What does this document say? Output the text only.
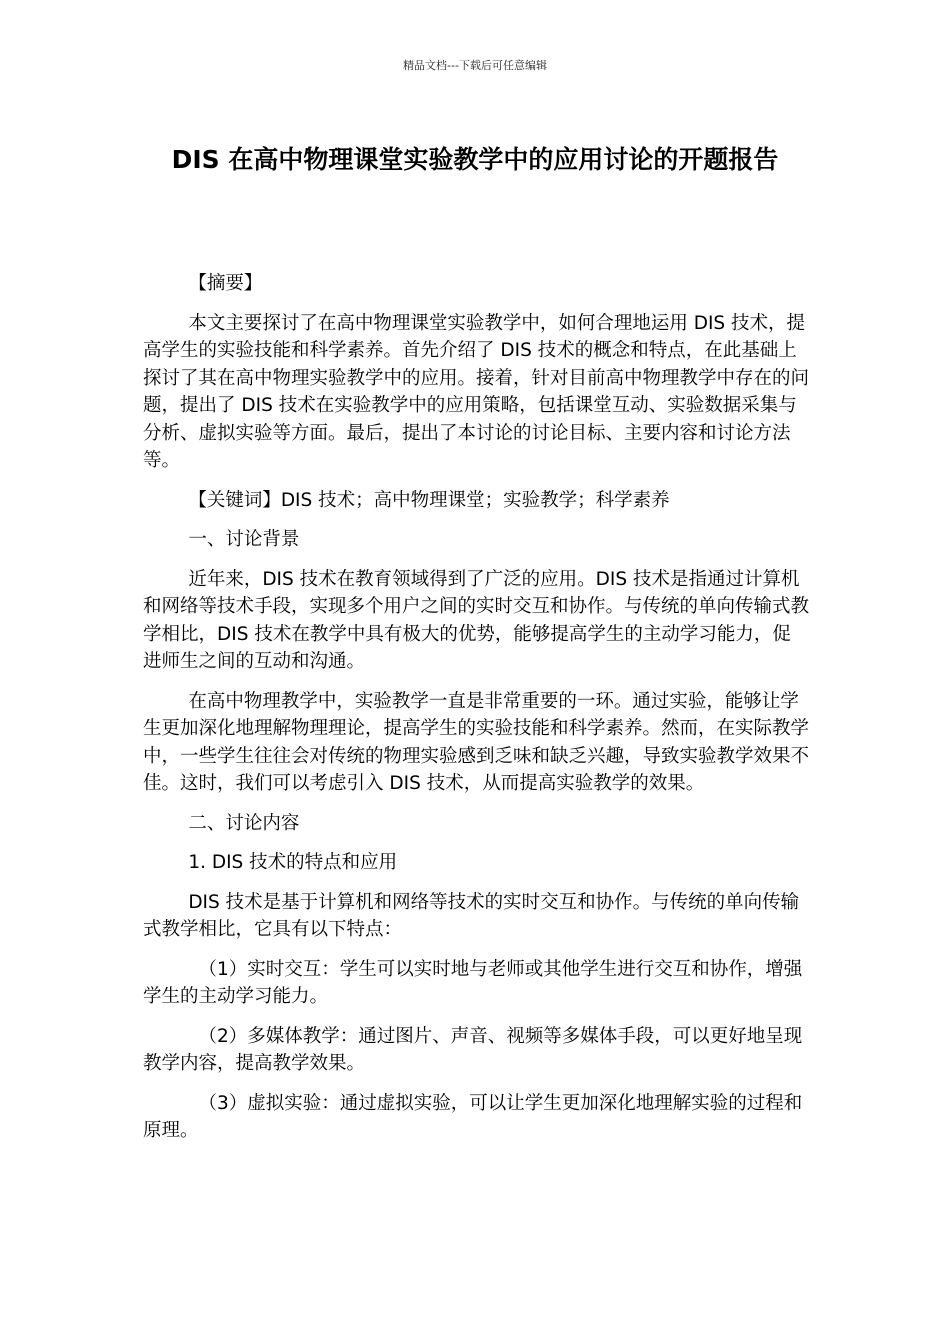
精品文档---下载后可任意编辑
DIS 在高中物理课堂实验教学中的应用讨论的开题报告

【摘要】

本文主要探讨了在高中物理课堂实验教学中，如何合理地运用 DIS 技术，提高学生的实验技能和科学素养。首先介绍了 DIS 技术的概念和特点，在此基础上探讨了其在高中物理实验教学中的应用。接着，针对目前高中物理教学中存在的问题，提出了 DIS 技术在实验教学中的应用策略，包括课堂互动、实验数据采集与分析、虚拟实验等方面。最后，提出了本讨论的讨论目标、主要内容和讨论方法等。

【关键词】DIS 技术；高中物理课堂；实验教学；科学素养

一、讨论背景

近年来，DIS 技术在教育领域得到了广泛的应用。DIS 技术是指通过计算机和网络等技术手段，实现多个用户之间的实时交互和协作。与传统的单向传输式教学相比，DIS 技术在教学中具有极大的优势，能够提高学生的主动学习能力，促进师生之间的互动和沟通。

在高中物理教学中，实验教学一直是非常重要的一环。通过实验，能够让学生更加深化地理解物理理论，提高学生的实验技能和科学素养。然而，在实际教学中，一些学生往往会对传统的物理实验感到乏味和缺乏兴趣，导致实验教学效果不佳。这时，我们可以考虑引入 DIS 技术，从而提高实验教学的效果。

二、讨论内容

1. DIS 技术的特点和应用

DIS 技术是基于计算机和网络等技术的实时交互和协作。与传统的单向传输式教学相比，它具有以下特点：

（1）实时交互：学生可以实时地与老师或其他学生进行交互和协作，增强学生的主动学习能力。

（2）多媒体教学：通过图片、声音、视频等多媒体手段，可以更好地呈现教学内容，提高教学效果。

（3）虚拟实验：通过虚拟实验，可以让学生更加深化地理解实验的过程和原理。
